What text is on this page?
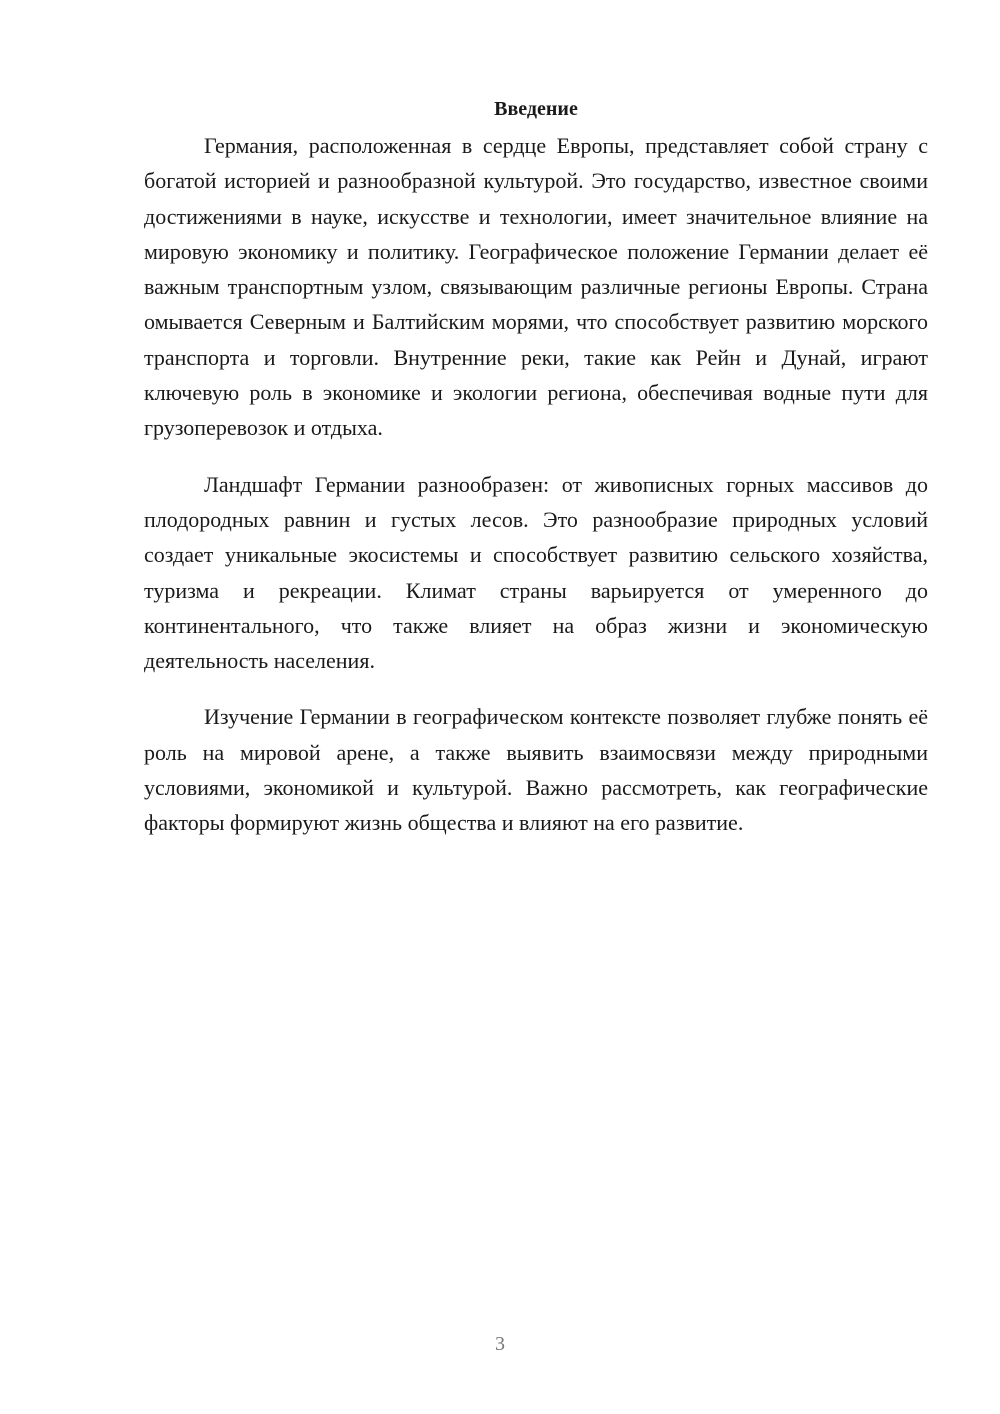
Введение

Германия, расположенная в сердце Европы, представляет собой страну с богатой историей и разнообразной культурой. Это государство, известное своими достижениями в науке, искусстве и технологии, имеет значительное влияние на мировую экономику и политику. Географическое положение Германии делает её важным транспортным узлом, связывающим различные регионы Европы. Страна омывается Северным и Балтийским морями, что способствует развитию морского транспорта и торговли. Внутренние реки, такие как Рейн и Дунай, играют ключевую роль в экономике и экологии региона, обеспечивая водные пути для грузоперевозок и отдыха.

Ландшафт Германии разнообразен: от живописных горных массивов до плодородных равнин и густых лесов. Это разнообразие природных условий создает уникальные экосистемы и способствует развитию сельского хозяйства, туризма и рекреации. Климат страны варьируется от умеренного до континентального, что также влияет на образ жизни и экономическую деятельность населения.

Изучение Германии в географическом контексте позволяет глубже понять её роль на мировой арене, а также выявить взаимосвязи между природными условиями, экономикой и культурой. Важно рассмотреть, как географические факторы формируют жизнь общества и влияют на его развитие.

3
